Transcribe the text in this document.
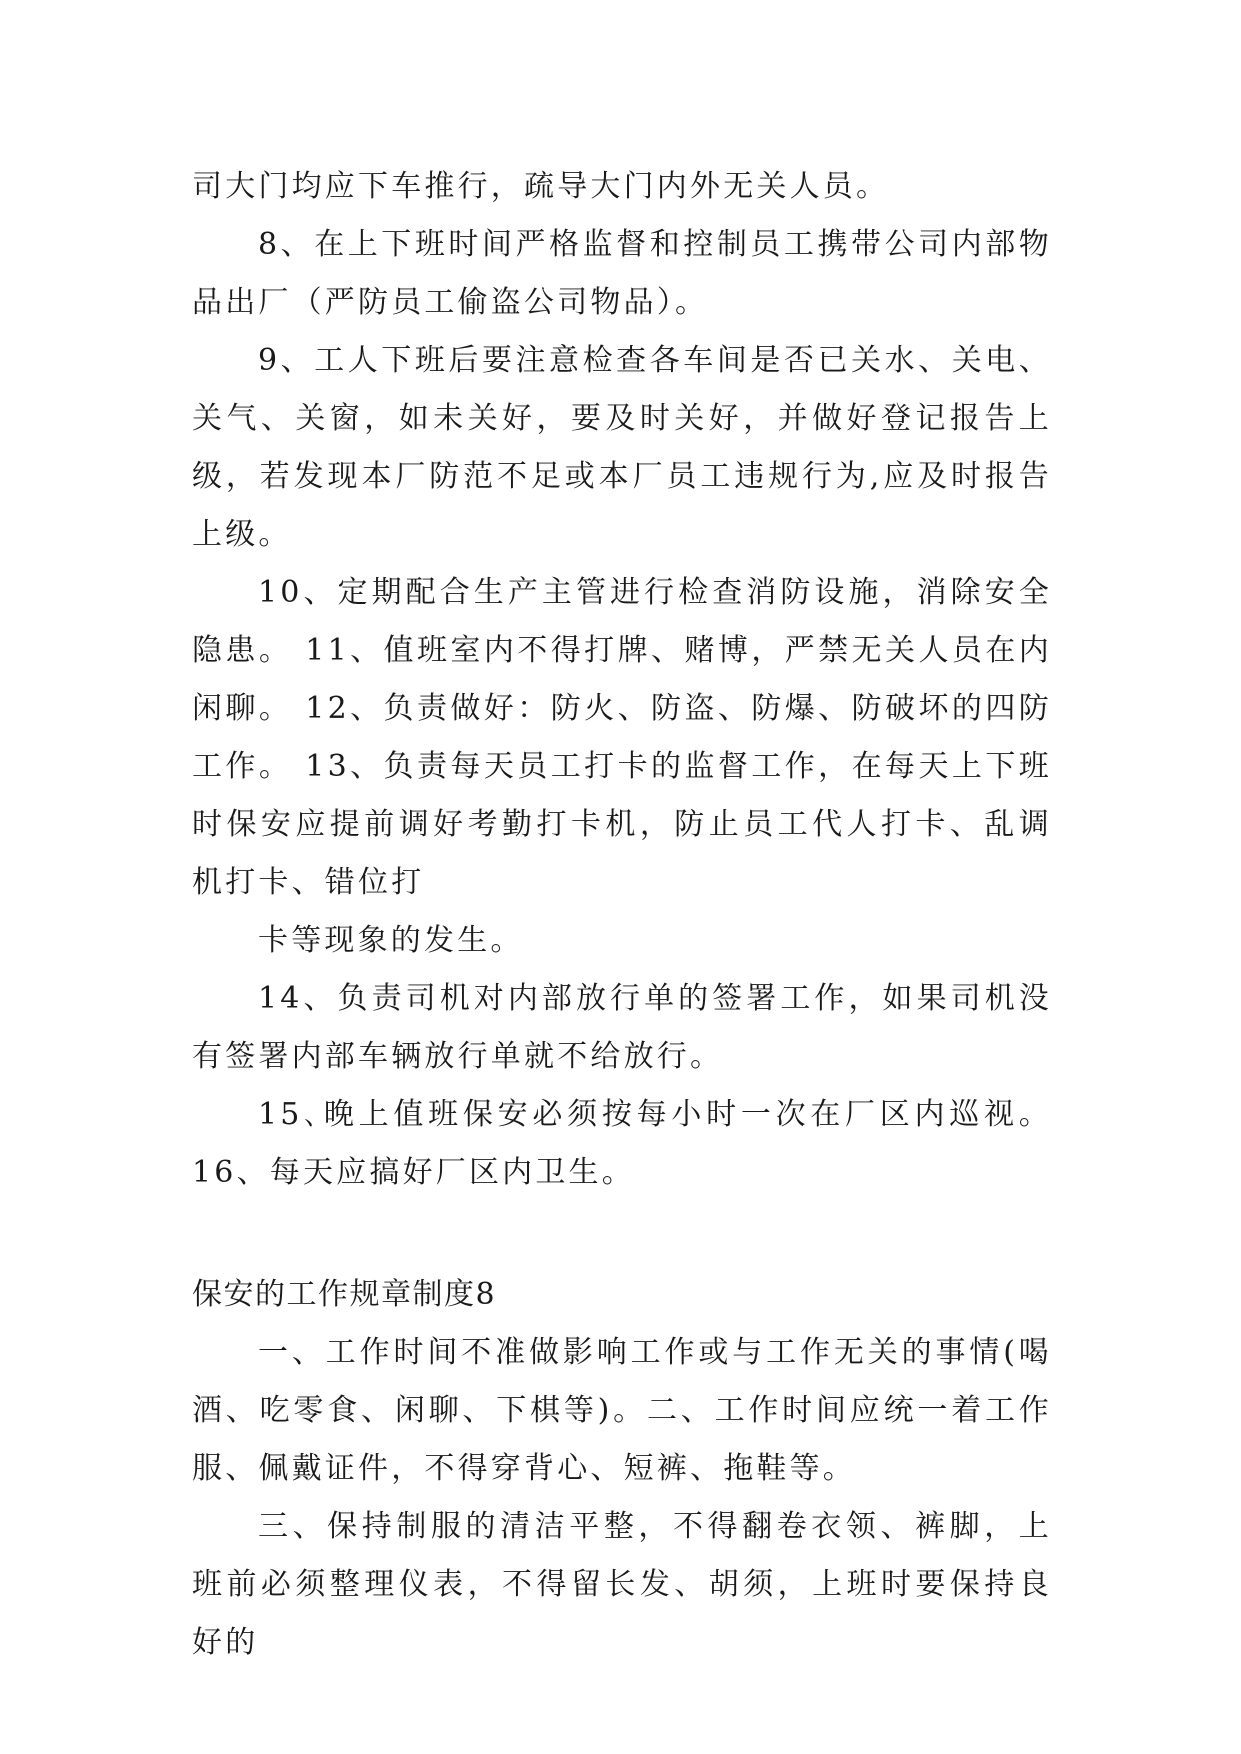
司大门均应下车推行，疏导大门内外无关人员。

8、在上下班时间严格监督和控制员工携带公司内部物品出厂（严防员工偷盗公司物品）。

9、工人下班后要注意检查各车间是否已关水、关电、关气、关窗，如未关好，要及时关好，并做好登记报告上级，若发现本厂防范不足或本厂员工违规行为,应及时报告上级。

10、定期配合生产主管进行检查消防设施，消除安全隐患。 11、值班室内不得打牌、赌博，严禁无关人员在内闲聊。 12、负责做好：防火、防盗、防爆、防破坏的四防工作。 13、负责每天员工打卡的监督工作，在每天上下班时保安应提前调好考勤打卡机，防止员工代人打卡、乱调机打卡、错位打

卡等现象的发生。

14、负责司机对内部放行单的签署工作，如果司机没有签署内部车辆放行单就不给放行。

15､晚上值班保安必须按每小时一次在厂区内巡视。16、每天应搞好厂区内卫生。

保安的工作规章制度8

一、工作时间不准做影响工作或与工作无关的事情(喝酒、吃零食、闲聊、下棋等)。二、工作时间应统一着工作服、佩戴证件，不得穿背心、短裤、拖鞋等。

三、保持制服的清洁平整，不得翻卷衣领、裤脚，上班前必须整理仪表，不得留长发、胡须，上班时要保持良好的
